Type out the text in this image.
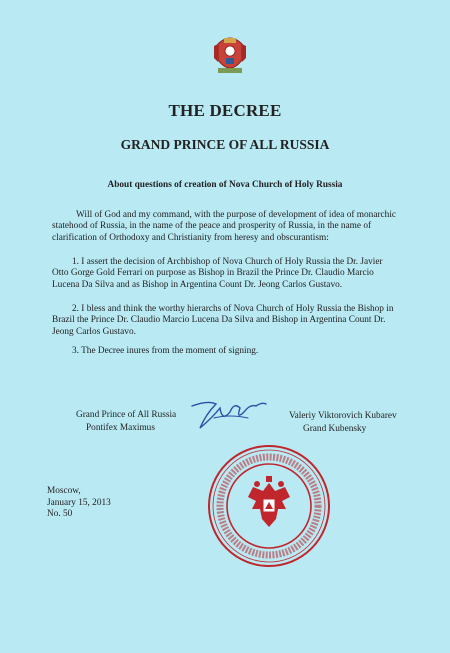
THE DECREE
GRAND PRINCE OF ALL RUSSIA
About questions of creation of Nova Church of Holy Russia

Will of God and my command, with the purpose of development of idea of monarchic statehood of Russia, in the name of the peace and prosperity of Russia, in the name of clarification of Orthodoxy and Christianity from heresy and obscurantism:

1. I assert the decision of Archbishop of Nova Church of Holy Russia the Dr. Javier Otto Gorge Gold Ferrari on purpose as Bishop in Brazil the Prince Dr. Claudio Marcio Lucena Da Silva and as Bishop in Argentina Count Dr. Jeong Carlos Gustavo.

2. I bless and think the worthy hierarchs of Nova Church of Holy Russia the Bishop in Brazil the Prince Dr. Claudio Marcio Lucena Da Silva and Bishop in Argentina Count Dr. Jeong Carlos Gustavo.

3. The Decree inures from the moment of signing.

Grand Prince of All Russia
Pontifex Maximus
Valeriy Viktorovich Kubarev
Grand Kubensky
Moscow,
January 15, 2013
No. 50
